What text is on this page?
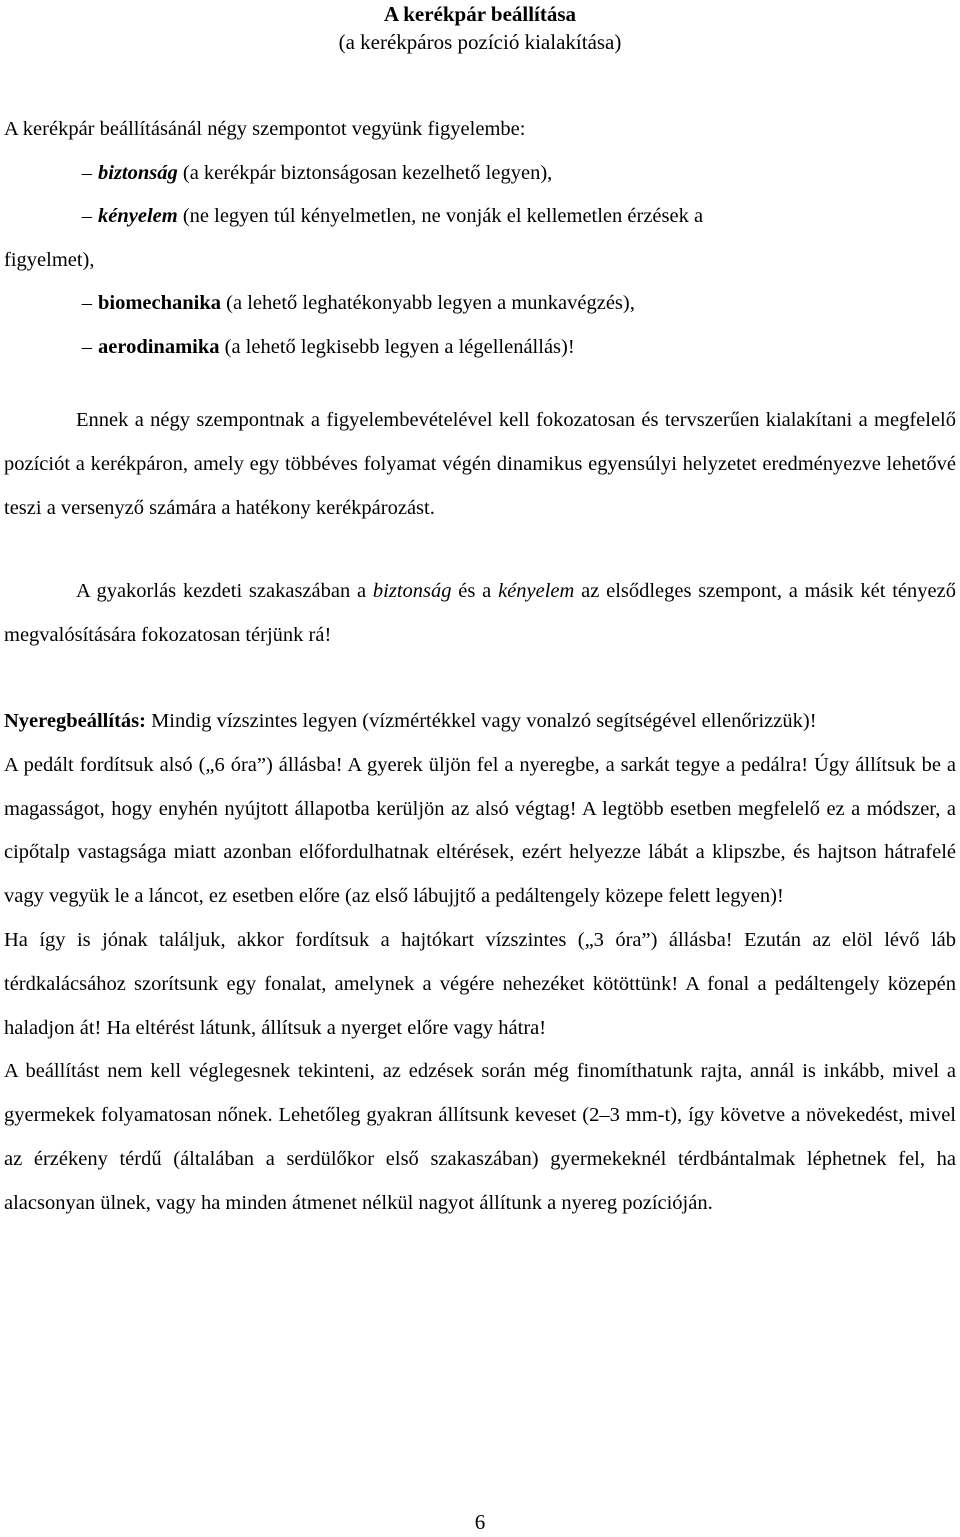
A kerékpár beállítása
(a kerékpáros pozíció kialakítása)
A kerékpár beállításánál négy szempontot vegyünk figyelembe:
– biztonság (a kerékpár biztonságosan kezelhető legyen),
– kényelem (ne legyen túl kényelmetlen, ne vonják el kellemetlen érzések a
figyelmet),
– biomechanika (a lehető leghatékonyabb legyen a munkavégzés),
– aerodinamika (a lehető legkisebb legyen a légellenállás)!

Ennek a négy szempontnak a figyelembevételével kell fokozatosan és tervszerűen kialakítani a megfelelő pozíciót a kerékpáron, amely egy többéves folyamat végén dinamikus egyensúlyi helyzetet eredményezve lehetővé teszi a versenyző számára a hatékony kerékpározást.

A gyakorlás kezdeti szakaszában a biztonság és a kényelem az elsődleges szempont, a másik két tényező megvalósítására fokozatosan térjünk rá!

Nyeregbeállítás: Mindig vízszintes legyen (vízmértékkel vagy vonalzó segítségével ellenőrizzük)!

A pedált fordítsuk alsó („6 óra”) állásba! A gyerek üljön fel a nyeregbe, a sarkát tegye a pedálra! Úgy állítsuk be a magasságot, hogy enyhén nyújtott állapotba kerüljön az alsó végtag! A legtöbb esetben megfelelő ez a módszer, a cipőtalp vastagsága miatt azonban előfordulhatnak eltérések, ezért helyezze lábát a klipszbe, és hajtson hátrafelé vagy vegyük le a láncot, ez esetben előre (az első lábujjtő a pedáltengely közepe felett legyen)!

Ha így is jónak találjuk, akkor fordítsuk a hajtókart vízszintes („3 óra”) állásba! Ezután az elöl lévő láb térdkalácsához szorítsunk egy fonalat, amelynek a végére nehezéket kötöttünk! A fonal a pedáltengely közepén haladjon át! Ha eltérést látunk, állítsuk a nyerget előre vagy hátra!

A beállítást nem kell véglegesnek tekinteni, az edzések során még finomíthatunk rajta, annál is inkább, mivel a gyermekek folyamatosan nőnek. Lehetőleg gyakran állítsunk keveset (2–3 mm-t), így követve a növekedést, mivel az érzékeny térdű (általában a serdülőkor első szakaszában) gyermekeknél térdbántalmak léphetnek fel, ha alacsonyan ülnek, vagy ha minden átmenet nélkül nagyot állítunk a nyereg pozícióján.

6
